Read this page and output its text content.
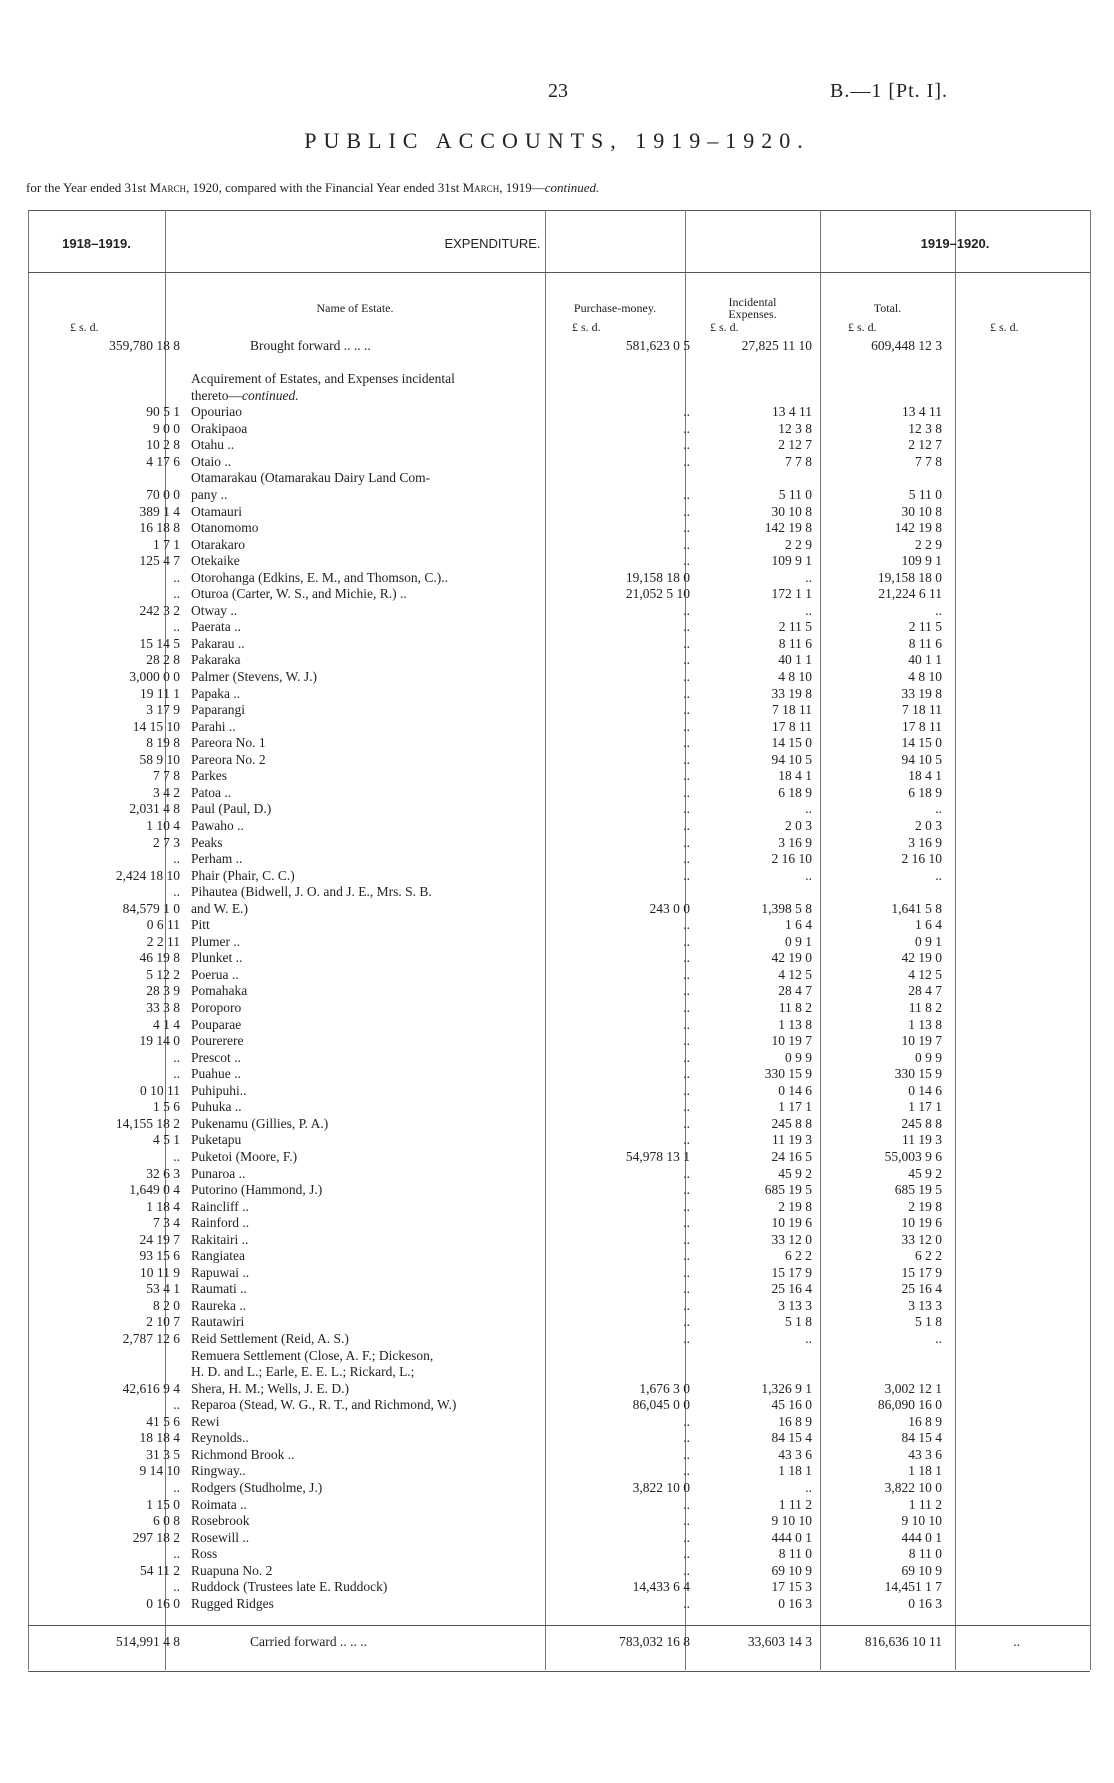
23	B.—1 [Pt. I].
PUBLIC ACCOUNTS, 1919–1920.
for the Year ended 31st March, 1920, compared with the Financial Year ended 31st March, 1919—continued.
1918–1919.	EXPENDITURE.	1919–1920.
Name of Estate.	Purchase-money.	Incidental
Expenses.	Total.
£ s. d.	£ s. d.	£ s. d.	£ s. d.	£ s. d.
359,780 18 8	Brought forward .. .. ..	581,623 0 5	27,825 11 10	609,448 12 3
Acquirement of Estates, and Expenses incidental
thereto—continued.
90 5 1 Opouriao	..	13 4 11	13 4 11
9 0 0 Orakipaoa	..	12 3 8	12 3 8
10 2 8 Otahu ..	..	2 12 7	2 12 7
4 17 6 Otaio ..	..	7 7 8	7 7 8
Otamarakau (Otamarakau Dairy Land Com-
70 0 0 pany ..	..	5 11 0	5 11 0
389 1 4 Otamauri	..	30 10 8	30 10 8
16 18 8 Otanomomo	..	142 19 8	142 19 8
1 7 1 Otarakaro	..	2 2 9	2 2 9
125 4 7 Otekaike	..	109 9 1	109 9 1
.. Otorohanga (Edkins, E. M., and Thomson, C.)..	19,158 18 0	..	19,158 18 0
.. Oturoa (Carter, W. S., and Michie, R.) ..	21,052 5 10	172 1 1	21,224 6 11
242 3 2 Otway ..	..	..	..
.. Paerata ..	..	2 11 5	2 11 5
15 14 5 Pakarau ..	..	8 11 6	8 11 6
28 2 8 Pakaraka	..	40 1 1	40 1 1
3,000 0 0 Palmer (Stevens, W. J.)	..	4 8 10	4 8 10
19 11 1 Papaka ..	..	33 19 8	33 19 8
3 17 9 Paparangi	..	7 18 11	7 18 11
14 15 10 Parahi ..	..	17 8 11	17 8 11
8 19 8 Pareora No. 1	..	14 15 0	14 15 0
58 9 10 Pareora No. 2	..	94 10 5	94 10 5
7 7 8 Parkes	..	18 4 1	18 4 1
3 4 2 Patoa ..	..	6 18 9	6 18 9
2,031 4 8 Paul (Paul, D.)	..	..	..
1 10 4 Pawaho ..	..	2 0 3	2 0 3
2 7 3 Peaks	..	3 16 9	3 16 9
.. Perham ..	..	2 16 10	2 16 10
2,424 18 10 Phair (Phair, C. C.)	..	..	..
.. Pihautea (Bidwell, J. O. and J. E., Mrs. S. B.
84,579 1 0 and W. E.)	243 0 0	1,398 5 8	1,641 5 8
0 6 11 Pitt	..	1 6 4	1 6 4
2 2 11 Plumer ..	..	0 9 1	0 9 1
46 19 8 Plunket ..	..	42 19 0	42 19 0
5 12 2 Poerua ..	..	4 12 5	4 12 5
28 3 9 Pomahaka	..	28 4 7	28 4 7
33 3 8 Poroporo	..	11 8 2	11 8 2
4 1 4 Pouparae	..	1 13 8	1 13 8
19 14 0 Pourerere	..	10 19 7	10 19 7
.. Prescot ..	..	0 9 9	0 9 9
.. Puahue ..	..	330 15 9	330 15 9
0 10 11 Puhipuhi..	..	0 14 6	0 14 6
1 5 6 Puhuka ..	..	1 17 1	1 17 1
14,155 18 2 Pukenamu (Gillies, P. A.)	..	245 8 8	245 8 8
4 5 1 Puketapu	..	11 19 3	11 19 3
.. Puketoi (Moore, F.)	54,978 13 1	24 16 5	55,003 9 6
32 6 3 Punaroa ..	..	45 9 2	45 9 2
1,649 0 4 Putorino (Hammond, J.)	..	685 19 5	685 19 5
1 18 4 Raincliff ..	..	2 19 8	2 19 8
7 3 4 Rainford ..	..	10 19 6	10 19 6
24 19 7 Rakitairi ..	..	33 12 0	33 12 0
93 15 6 Rangiatea	..	6 2 2	6 2 2
10 11 9 Rapuwai ..	..	15 17 9	15 17 9
53 4 1 Raumati ..	..	25 16 4	25 16 4
8 2 0 Raureka ..	..	3 13 3	3 13 3
2 10 7 Rautawiri	..	5 1 8	5 1 8
2,787 12 6 Reid Settlement (Reid, A. S.)	..	..	..
Remuera Settlement (Close, A. F.; Dickeson,
H. D. and L.; Earle, E. E. L.; Rickard, L.;
42,616 9 4 Shera, H. M.; Wells, J. E. D.)	1,676 3 0	1,326 9 1	3,002 12 1
.. Reparoa (Stead, W. G., R. T., and Richmond, W.)	86,045 0 0	45 16 0	86,090 16 0
41 5 6 Rewi	..	16 8 9	16 8 9
18 18 4 Reynolds..	..	84 15 4	84 15 4
31 3 5 Richmond Brook ..	..	43 3 6	43 3 6
9 14 10 Ringway..	..	1 18 1	1 18 1
.. Rodgers (Studholme, J.)	3,822 10 0	..	3,822 10 0
1 15 0 Roimata ..	..	1 11 2	1 11 2
6 0 8 Rosebrook	..	9 10 10	9 10 10
297 18 2 Rosewill ..	..	444 0 1	444 0 1
.. Ross	..	8 11 0	8 11 0
54 11 2 Ruapuna No. 2	..	69 10 9	69 10 9
.. Ruddock (Trustees late E. Ruddock)	14,433 6 4	17 15 3	14,451 1 7
0 16 0 Rugged Ridges	..	0 16 3	0 16 3
514,991 4 8	Carried forward .. .. ..	783,032 16 8	33,603 14 3	816,636 10 11	..
